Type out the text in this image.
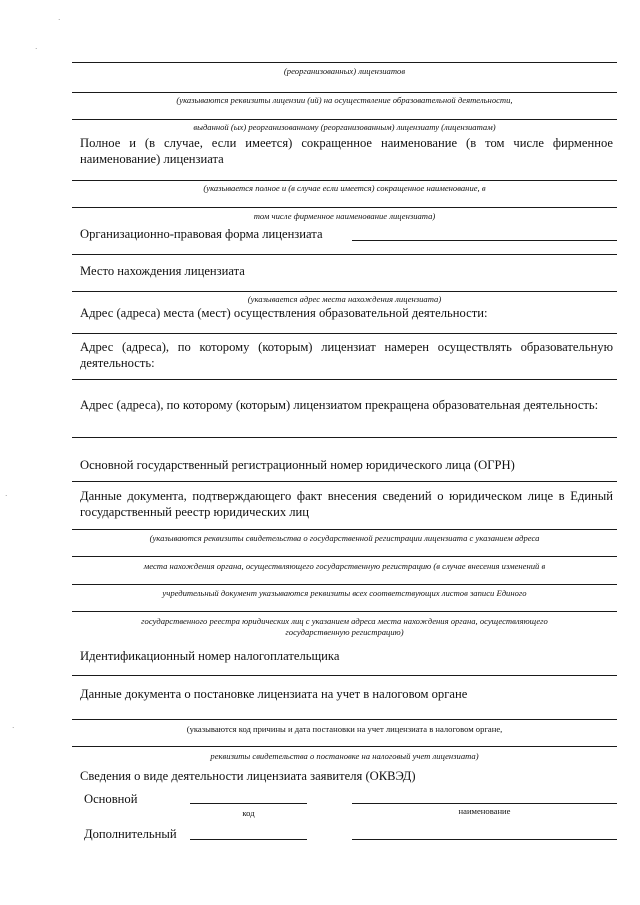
·
·
(реорганизованных) лицензиатов
(указываются реквизиты лицензии (ий) на осуществление образовательной деятельности,
выданной (ых) реорганизованному (реорганизованным) лицензиату (лицензиатам)
Полное и (в случае, если имеется) сокращенное наименование (в том числе фирменное наименование) лицензиата
(указывается полное и (в случае если имеется) сокращенное наименование, в
том числе фирменное наименование лицензиата)
Организационно-правовая форма лицензиата
Место нахождения лицензиата
(указывается адрес места нахождения лицензиата)
Адрес (адреса) места (мест) осуществления образовательной деятельности:
Адрес (адреса), по которому (которым) лицензиат намерен осуществлять образовательную деятельность:
Адрес (адреса), по которому (которым) лицензиатом прекращена образовательная деятельность:
Основной государственный регистрационный номер юридического лица (ОГРН)
Данные документа, подтверждающего факт внесения сведений о юридическом лице в Единый государственный реестр юридических лиц
(указываются реквизиты свидетельства о государственной регистрации лицензиата с указанием адреса
места нахождения органа, осуществляющего государственную регистрацию (в случае внесения изменений в
учредительный документ указываются реквизиты всех соответствующих листов записи Единого
государственного реестра юридических лиц с указанием адреса места нахождения органа, осуществляющего
государственную регистрацию)
Идентификационный номер налогоплательщика
Данные документа о постановке лицензиата на учет в налоговом органе
(указываются код причины и дата постановки на учет лицензиата в налоговом органе,
реквизиты свидетельства о постановке на налоговый учет лицензиата)
Сведения о виде деятельности лицензиата заявителя (ОКВЭД)
Основной
код	наименование
Дополнительный
·
·
